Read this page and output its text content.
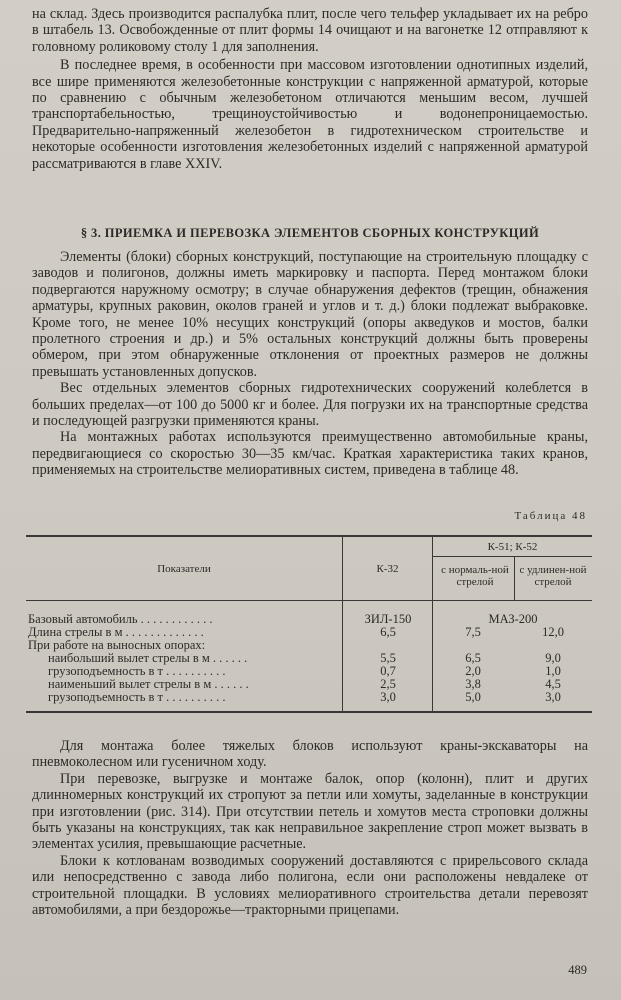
на склад. Здесь производится распалубка плит, после чего тельфер укладывает их на ребро в штабель 13. Освобожденные от плит формы 14 очищают и на вагонетке 12 отправляют к головному роликовому столу 1 для заполнения.

В последнее время, в особенности при массовом изготовлении однотипных изделий, все шире применяются железобетонные конструкции с напряженной арматурой, которые по сравнению с обычным железобетоном отличаются меньшим весом, лучшей транспортабельностью, трещиноустойчивостью и водонепроницаемостью. Предварительно-напряженный железобетон в гидротехническом строительстве и некоторые особенности изготовления железобетонных изделий с напряженной арматурой рассматриваются в главе XXIV.

§ 3. ПРИЕМКА И ПЕРЕВОЗКА ЭЛЕМЕНТОВ СБОРНЫХ КОНСТРУКЦИЙ

Элементы (блоки) сборных конструкций, поступающие на строительную площадку с заводов и полигонов, должны иметь маркировку и паспорта. Перед монтажом блоки подвергаются наружному осмотру; в случае обнаружения дефектов (трещин, обнажения арматуры, крупных раковин, околов граней и углов и т. д.) блоки подлежат выбраковке. Кроме того, не менее 10% несущих конструкций (опоры акведуков и мостов, балки пролетного строения и др.) и 5% остальных конструкций должны быть проверены обмером, при этом обнаруженные отклонения от проектных размеров не должны превышать установленных допусков.

Вес отдельных элементов сборных гидротехнических сооружений колеблется в больших пределах—от 100 до 5000 кг и более. Для погрузки их на транспортные средства и последующей разгрузки применяются краны.

На монтажных работах используются преимущественно автомобильные краны, передвигающиеся со скоростью 30—35 км/час. Краткая характеристика таких кранов, применяемых на строительстве мелиоративных систем, приведена в таблице 48.

Таблица 48
Показатели	К-32
К-51; К-52
с нормаль-ной стрелой
с удлинен-ной стрелой
Базовый автомобиль . . . . . . . . . . . .	ЗИЛ-150	МАЗ-200
Длина стрелы в м . . . . . . . . . . . . .	6,5	7,5	12,0
При работе на выносных опорах:
наибольший вылет стрелы в м . . . . . .	5,5	6,5	9,0
грузоподъемность в т . . . . . . . . . .	0,7	2,0	1,0
наименьший вылет стрелы в м . . . . . .	2,5	3,8	4,5
грузоподъемность в т . . . . . . . . . .	3,0	5,0	3,0

Для монтажа более тяжелых блоков используют краны-экскаваторы на пневмоколесном или гусеничном ходу.

При перевозке, выгрузке и монтаже балок, опор (колонн), плит и других длинномерных конструкций их стропуют за петли или хомуты, заделанные в конструкции при изготовлении (рис. 314). При отсутствии петель и хомутов места строповки должны быть указаны на конструкциях, так как неправильное закрепление строп может вызвать в элементах усилия, превышающие расчетные.

Блоки к котлованам возводимых сооружений доставляются с прирельсового склада или непосредственно с завода либо полигона, если они расположены невдалеке от строительной площадки. В условиях мелиоративного строительства детали перевозят автомобилями, а при бездорожье—тракторными прицепами.

489
